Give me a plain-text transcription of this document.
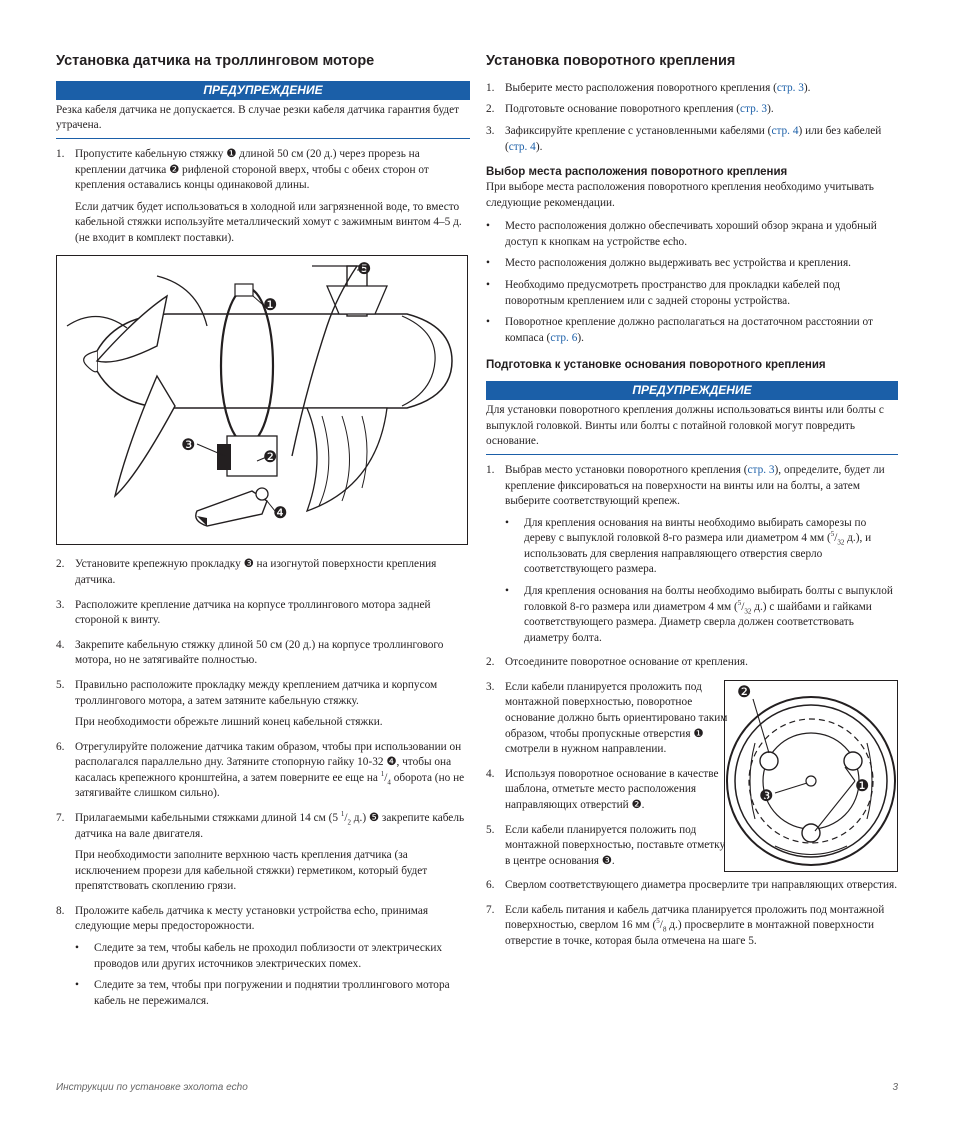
Установка датчика на троллинговом моторе
ПРЕДУПРЕЖДЕНИЕ

Резка кабеля датчика не допускается. В случае резки кабеля датчика гарантия будет утрачена.

1. Пропустите кабельную стяжку ❶ длиной 50 см (20 д.) через прорезь на креплении датчика ❷ рифленой стороной вверх, чтобы с обеих сторон от крепления оставались концы одинаковой длины.

Если датчик будет использоваться в холодной или загрязненной воде, то вместо кабельной стяжки используйте металлический хомут с зажимным винтом 4–5 д. (не входит в комплект поставки).

❺
❶
❸
❷
❹
2. Установите крепежную прокладку ❸ на изогнутой поверхности крепления датчика.

3. Расположите крепление датчика на корпусе троллингового мотора задней стороной к винту.

4. Закрепите кабельную стяжку длиной 50 см (20 д.) на корпусе троллингового мотора, но не затягивайте полностью.

5. Правильно расположите прокладку между креплением датчика и корпусом троллингового мотора, а затем затяните кабельную стяжку.

При необходимости обрежьте лишний конец кабельной стяжки.

6. Отрегулируйте положение датчика таким образом, чтобы при использовании он располагался параллельно дну. Затяните стопорную гайку 10-32 ❹, чтобы она касалась крепежного кронштейна, а затем поверните ее еще на $^1/_4$ оборота (но не затягивайте слишком сильно).

7. Прилагаемыми кабельными стяжками длиной 14 см (5 $^1/_2$ д.) ❺ закрепите кабель датчика на вале двигателя.

При необходимости заполните верхнюю часть крепления датчика (за исключением прорези для кабельной стяжки) герметиком, который будет препятствовать скоплению грязи.

8. Проложите кабель датчика к месту установки устройства echo, принимая следующие меры предосторожности.

• Следите за тем, чтобы кабель не проходил поблизости от электрических проводов или других источников электрических помех.
• Следите за тем, чтобы при погружении и поднятии троллингового мотора кабель не пережимался.
Установка поворотного крепления
1. Выберите место расположения поворотного крепления (стр. 3).

2. Подготовьте основание поворотного крепления (стр. 3).

3. Зафиксируйте крепление с установленными кабелями (стр. 4) или без кабелей (стр. 4).

Выбор места расположения поворотного крепления

При выборе места расположения поворотного крепления необходимо учитывать следующие рекомендации.

• Место расположения должно обеспечивать хороший обзор экрана и удобный доступ к кнопкам на устройстве echo.
• Место расположения должно выдерживать вес устройства и крепления.
• Необходимо предусмотреть пространство для прокладки кабелей под поворотным креплением или с задней стороны устройства.
• Поворотное крепление должно располагаться на достаточном расстоянии от компаса (стр. 6).
Подготовка к установке основания поворотного крепления
ПРЕДУПРЕЖДЕНИЕ

Для установки поворотного крепления должны использоваться винты или болты с выпуклой головкой. Винты или болты с потайной головкой могут повредить основание.

1. Выбрав место установки поворотного крепления (стр. 3), определите, будет ли крепление фиксироваться на поверхности на винты или на болты, а затем выберите соответствующий крепеж.

• Для крепления основания на винты необходимо выбирать саморезы по дереву с выпуклой головкой 8-го размера или диаметром 4 мм ($^5/_{32}$ д.), и использовать для сверления направляющего отверстия сверло соответствующего размера.
• Для крепления основания на болты необходимо выбирать болты с выпуклой головкой 8-го размера или диаметром 4 мм ($^5/_{32}$ д.) с шайбами и гайками соответствующего размера. Диаметр сверла должен соответствовать диаметру болта.
2. Отсоедините поворотное основание от крепления.

❷
❶
❸
3. Если кабели планируется проложить под монтажной поверхностью, поворотное основание должно быть ориентировано таким образом, чтобы пропускные отверстия ❶ смотрели в нужном направлении.

4. Используя поворотное основание в качестве шаблона, отметьте место расположения направляющих отверстий ❷.

5. Если кабели планируется положить под монтажной поверхностью, поставьте отметку в центре основания ❸.

6. Сверлом соответствующего диаметра просверлите три направляющих отверстия.

7. Если кабель питания и кабель датчика планируется проложить под монтажной поверхностью, сверлом 16 мм ($^5/_8$ д.) просверлите в монтажной поверхности отверстие в точке, которая была отмечена на шаге 5.

Инструкции по установке эхолота echo	3
